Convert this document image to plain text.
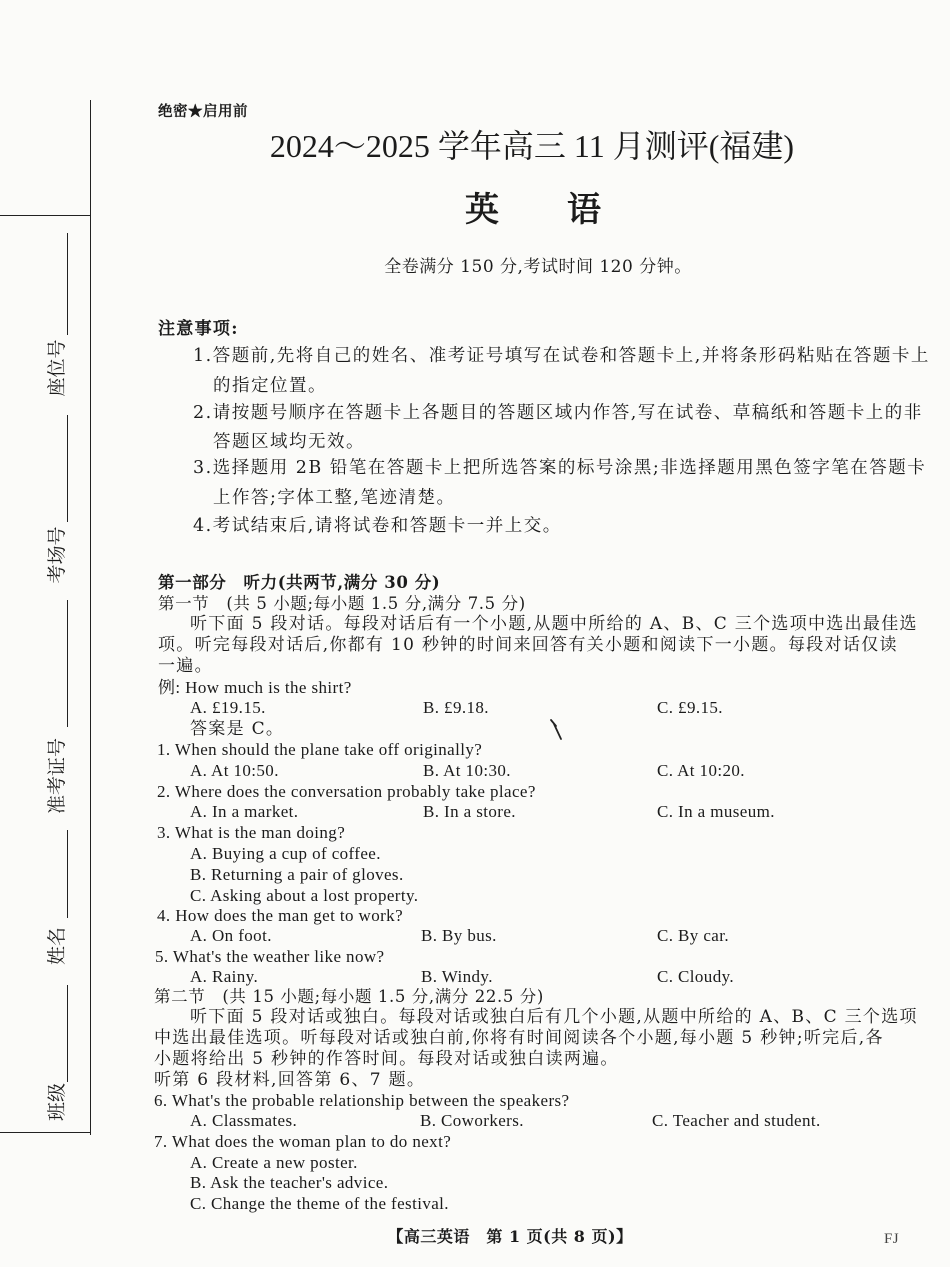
座位号
考场号
准考证号
姓名
班级
绝密★启用前
2024～2025 学年高三 11 月测评(福建)
英　　语
全卷满分 150 分,考试时间 120 分钟。
注意事项:
1.答题前,先将自己的姓名、准考证号填写在试卷和答题卡上,并将条形码粘贴在答题卡上
的指定位置。
2.请按题号顺序在答题卡上各题目的答题区域内作答,写在试卷、草稿纸和答题卡上的非
答题区域均无效。
3.选择题用 2B 铅笔在答题卡上把所选答案的标号涂黑;非选择题用黑色签字笔在答题卡
上作答;字体工整,笔迹清楚。
4.考试结束后,请将试卷和答题卡一并上交。
第一部分　听力(共两节,满分 30 分)
第一节　(共 5 小题;每小题 1.5 分,满分 7.5 分)
听下面 5 段对话。每段对话后有一个小题,从题中所给的 A、B、C 三个选项中选出最佳选
项。听完每段对话后,你都有 10 秒钟的时间来回答有关小题和阅读下一小题。每段对话仅读
一遍。
例: How much is the shirt?
A. £19.15.	B. £9.18.	C. £9.15.
答案是 C。
1. When should the plane take off originally?
A. At 10:50.	B. At 10:30.	C. At 10:20.
2. Where does the conversation probably take place?
A. In a market.	B. In a store.	C. In a museum.
3. What is the man doing?
A. Buying a cup of coffee.
B. Returning a pair of gloves.
C. Asking about a lost property.
4. How does the man get to work?
A. On foot.	B. By bus.	C. By car.
5. What's the weather like now?
A. Rainy.	B. Windy.	C. Cloudy.
第二节　(共 15 小题;每小题 1.5 分,满分 22.5 分)
听下面 5 段对话或独白。每段对话或独白后有几个小题,从题中所给的 A、B、C 三个选项
中选出最佳选项。听每段对话或独白前,你将有时间阅读各个小题,每小题 5 秒钟;听完后,各
小题将给出 5 秒钟的作答时间。每段对话或独白读两遍。
听第 6 段材料,回答第 6、7 题。
6. What's the probable relationship between the speakers?
A. Classmates.	B. Coworkers.	C. Teacher and student.
7. What does the woman plan to do next?
A. Create a new poster.
B. Ask the teacher's advice.
C. Change the theme of the festival.
【高三英语　第 1 页(共 8 页)】	FJ
